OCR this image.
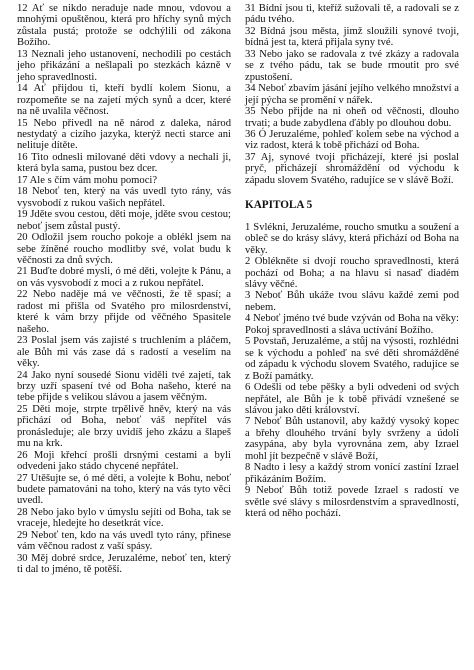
12 Ať se nikdo neraduje nade mnou, vdovou a mnohými opuštěnou, která pro hříchy synů mých zůstala pustá; protože se odchýlili od zákona Božího.

13 Neznali jeho ustanovení, nechodili po cestách jeho přikázání a nešlapali po stezkách kázně v jeho spravedlnosti.

14 Ať přijdou ti, kteří bydlí kolem Sionu, a rozpomeňte se na zajetí mých synů a dcer, které na ně uvalila věčnost.

15 Nebo přivedl na ně národ z daleka, národ nestydatý a cizího jazyka, kterýž necti starce ani nelituje dítěte.

16 Tito odnesli milované děti vdovy a nechali ji, která byla sama, pustou bez dcer.

17 Ale s čím vám mohu pomoci?

18 Neboť ten, který na vás uvedl tyto rány, vás vysvobodí z rukou vašich nepřátel.

19 Jděte svou cestou, děti moje, jděte svou cestou; neboť jsem zůstal pustý.

20 Odložil jsem roucho pokoje a oblékl jsem na sebe žíněné roucho modlitby své, volat budu k věčnosti za dnů svých.

21 Buďte dobré mysli, ó mé děti, volejte k Pánu, a on vás vysvobodí z moci a z rukou nepřátel.

22 Nebo naděje má ve věčnosti, že tě spasí; a radost mi přišla od Svatého pro milosrdenství, které k vám brzy přijde od věčného Spasitele našeho.

23 Poslal jsem vás zajisté s truchlením a pláčem, ale Bůh mi vás zase dá s radostí a veselím na věky.

24 Jako nyní sousedé Sionu viděli tvé zajetí, tak brzy uzří spasení tvé od Boha našeho, které na tebe přijde s velikou slávou a jasem věčným.

25 Děti moje, strpte trpělivě hněv, který na vás přichází od Boha, neboť váš nepřítel vás pronásleduje; ale brzy uvidíš jeho zkázu a šlapeš mu na krk.

26 Moji křehcí prošli drsnými cestami a byli odvedeni jako stádo chycené nepřátel.

27 Utěšujte se, ó mé děti, a volejte k Bohu, neboť budete pamatováni na toho, který na vás tyto věci uvedl.

28 Nebo jako bylo v úmyslu sejíti od Boha, tak se vraceje, hledejte ho desetkrát více.

29 Neboť ten, kdo na vás uvedl tyto rány, přinese vám věčnou radost z vaší spásy.

30 Měj dobré srdce, Jeruzaléme, neboť ten, který ti dal to jméno, tě potěší.

31 Bídní jsou ti, kteříž sužovali tě, a radovali se z pádu tvého.

32 Bídná jsou města, jimž sloužili synové tvoji, bídná jest ta, která přijala syny tvé.

33 Nebo jako se radovala z tvé zkázy a radovala se z tvého pádu, tak se bude rmoutit pro své zpustošení.

34 Neboť zbavím jásání jejího velkého množství a její pýcha se promění v nářek.

35 Nebo přijde na ni oheň od věčnosti, dlouho trvati; a bude zabydlena ďábly po dlouhou dobu.

36 Ó Jeruzaléme, pohleď kolem sebe na východ a viz radost, která k tobě přichází od Boha.

37 Aj, synové tvoji přicházejí, které jsi poslal pryč, přicházejí shromáždění od východu k západu slovem Svatého, radujíce se v slávě Boží.

KAPITOLA 5

1 Svlékni, Jeruzaléme, roucho smutku a soužení a obleč se do krásy slávy, která přichází od Boha na věky.

2 Oblékněte si dvojí roucho spravedlnosti, která pochází od Boha; a na hlavu si nasaď diadém slávy věčné.

3 Neboť Bůh ukáže tvou slávu každé zemi pod nebem.

4 Neboť jméno tvé bude vzýván od Boha na věky: Pokoj spravedlnosti a sláva uctívání Božího.

5 Povstaň, Jeruzaléme, a stůj na výsosti, rozhlédni se k východu a pohleď na své děti shromážděné od západu k východu slovem Svatého, radujíce se z Boží památky.

6 Odešli od tebe pěšky a byli odvedeni od svých nepřátel, ale Bůh je k tobě přivádí vznešené se slávou jako děti království.

7 Neboť Bůh ustanovil, aby každý vysoký kopec a břehy dlouhého trvání byly svrženy a údolí zasypána, aby byla vyrovnána zem, aby Izrael mohl jít bezpečně v slávě Boží,

8 Nadto i lesy a každý strom vonící zastíní Izrael přikázáním Božím.

9 Neboť Bůh totiž povede Izrael s radostí ve světle své slávy s milosrdenstvím a spravedlností, která od něho pochází.
